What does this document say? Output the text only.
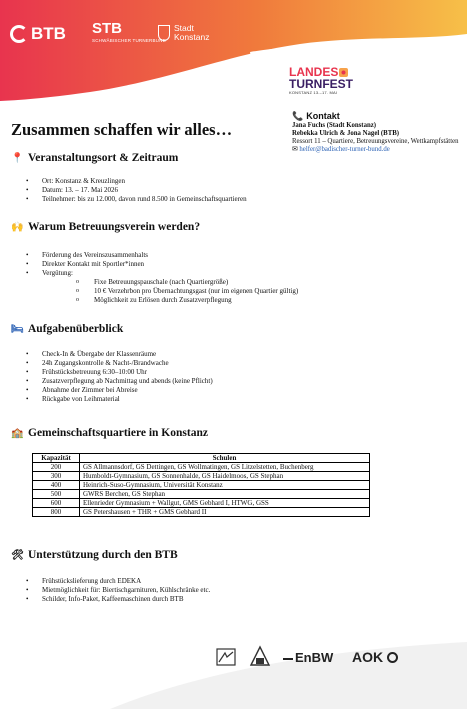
BTB STB
SCHWÄBISCHER TURNERBUND
Stadt
Konstanz
LANDES
TURNFEST
KONSTANZ 13.–17. MAI
Zusammen schaffen wir alles…
📞 Kontakt
Jana Fuchs (Stadt Konstanz)
Rebekka Ulrich & Jona Nagel (BTB)
Ressort 11 – Quartiere, Betreuungsvereine, Wettkampfstätten
✉ helfer@badischer-turner-bund.de
📍 Veranstaltungsort & Zeitraum
• Ort: Konstanz & Kreuzlingen
• Datum: 13. – 17. Mai 2026
• Teilnehmer: bis zu 12.000, davon rund 8.500 in Gemeinschaftsquartieren
🙌 Warum Betreuungsverein werden?
• Förderung des Vereinszusammenhalts
• Direkter Kontakt mit Sportler*innen
• Vergütung:
o Fixe Betreuungspauschale (nach Quartiergröße)
o 10 € Verzehrbon pro Übernachtungsgast (nur im eigenen Quartier gültig)
o Möglichkeit zu Erlösen durch Zusatzverpflegung
🛏 Aufgabenüberblick
• Check-In & Übergabe der Klassenräume
• 24h Zugangskontrolle & Nacht-/Brandwache
• Frühstücksbetreuung 6:30–10:00 Uhr
• Zusatzverpflegung ab Nachmittag und abends (keine Pflicht)
• Abnahme der Zimmer bei Abreise
• Rückgabe von Leihmaterial
🏫 Gemeinschaftsquartiere in Konstanz
Kapazität	Schulen
200	GS Allmannsdorf, GS Dettingen, GS Wollmatingen, GS Litzelstetten, Buchenberg
300	Humboldt-Gymnasium, GS Sonnenhalde, GS Haidelmoos, GS Stephan
400	Heinrich-Suso-Gymnasium, Universität Konstanz
500	GWRS Berchen, GS Stephan
600	Ellenrieder Gymnasium + Wallgut, GMS Gebhard I, HTWG, GSS
800	GS Petershausen + THR + GMS Gebhard II
🛠 Unterstützung durch den BTB
• Frühstückslieferung durch EDEKA
• Mietmöglichkeit für: Biertischgarnituren, Kühlschränke etc.
• Schilder, Info-Paket, Kaffeemaschinen durch BTB
EnBW AOK
